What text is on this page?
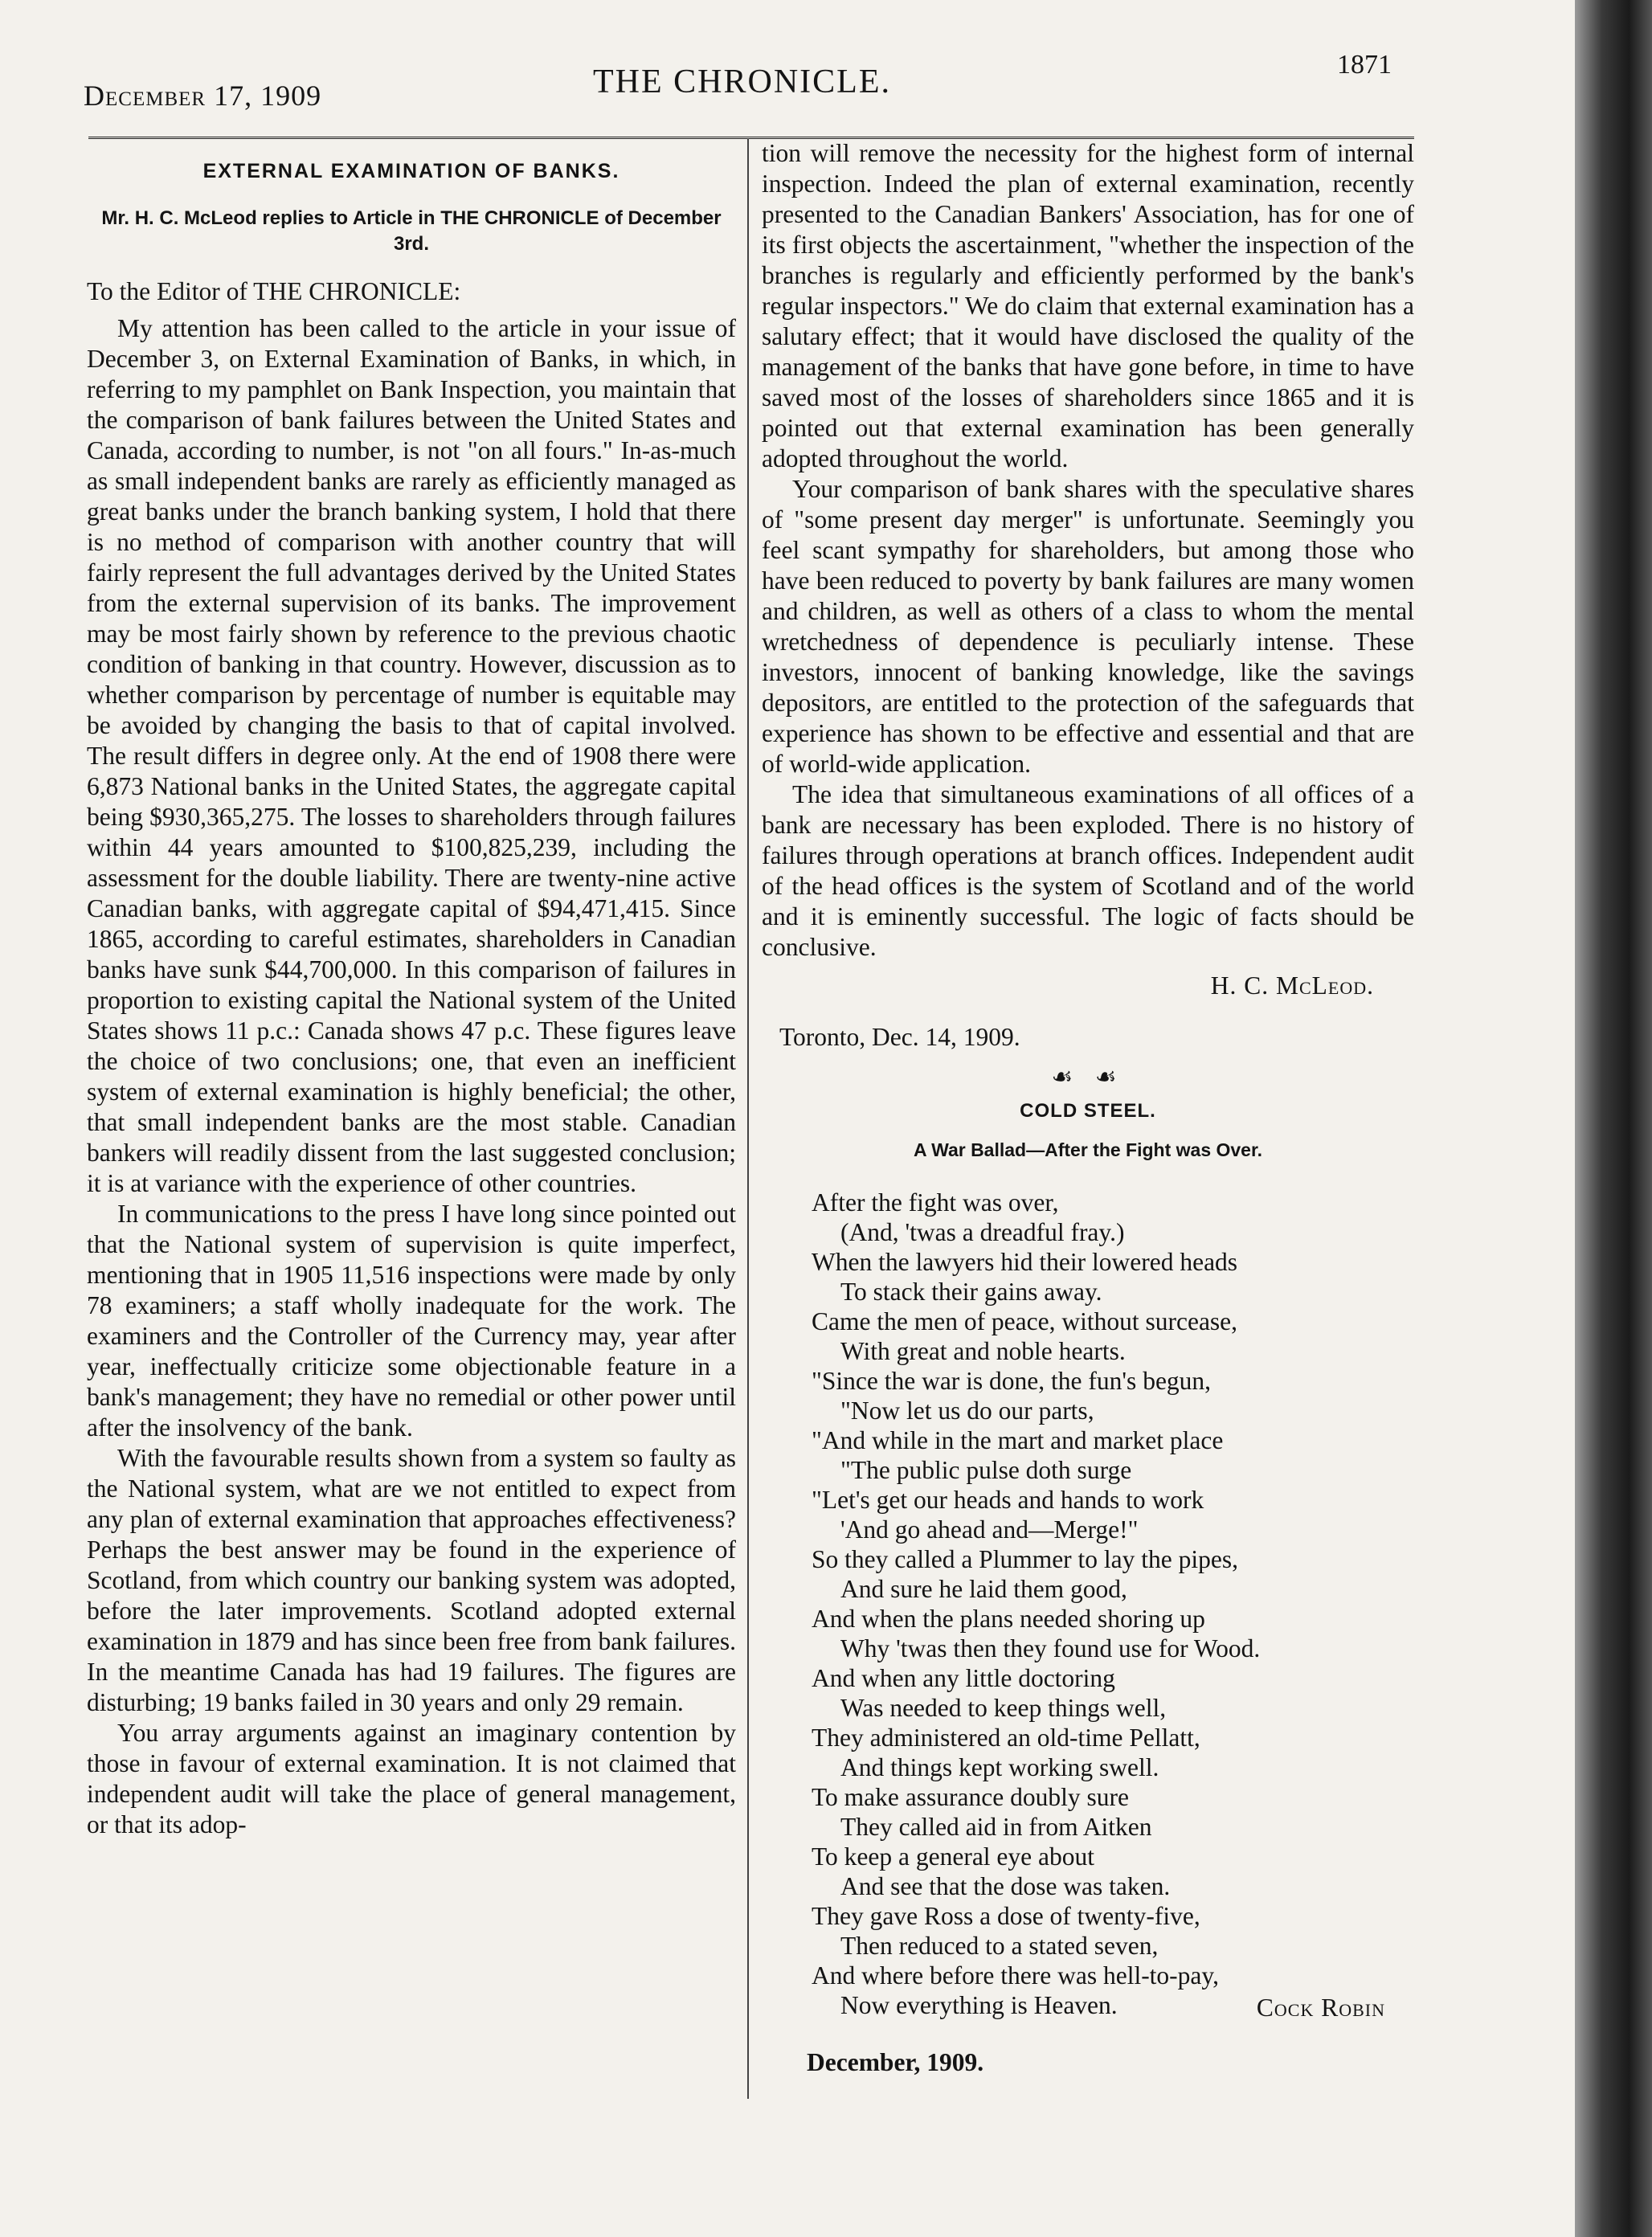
December 17, 1909	THE CHRONICLE.	1871

EXTERNAL EXAMINATION OF BANKS.

Mr. H. C. McLeod replies to Article in THE CHRONICLE of December 3rd.

To the Editor of THE CHRONICLE:

My attention has been called to the article in your issue of December 3, on External Examination of Banks, in which, in referring to my pamphlet on Bank Inspection, you maintain that the comparison of bank failures between the United States and Canada, according to number, is not "on all fours." In-as-much as small independent banks are rarely as efficiently managed as great banks under the branch banking system, I hold that there is no method of comparison with another country that will fairly represent the full advantages derived by the United States from the external supervision of its banks. The improvement may be most fairly shown by reference to the previous chaotic condition of banking in that country. However, discussion as to whether comparison by percentage of number is equitable may be avoided by changing the basis to that of capital involved. The result differs in degree only. At the end of 1908 there were 6,873 National banks in the United States, the aggregate capital being $930,365,275. The losses to shareholders through failures within 44 years amounted to $100,825,239, including the assessment for the double liability. There are twenty-nine active Canadian banks, with aggregate capital of $94,471,415. Since 1865, according to careful estimates, shareholders in Canadian banks have sunk $44,700,000. In this comparison of failures in proportion to existing capital the National system of the United States shows 11 p.c.: Canada shows 47 p.c. These figures leave the choice of two conclusions; one, that even an inefficient system of external examination is highly beneficial; the other, that small independent banks are the most stable. Canadian bankers will readily dissent from the last suggested conclusion; it is at variance with the experience of other countries.

In communications to the press I have long since pointed out that the National system of supervision is quite imperfect, mentioning that in 1905 11,516 inspections were made by only 78 examiners; a staff wholly inadequate for the work. The examiners and the Controller of the Currency may, year after year, ineffectually criticize some objectionable feature in a bank's management; they have no remedial or other power until after the insolvency of the bank.

With the favourable results shown from a system so faulty as the National system, what are we not entitled to expect from any plan of external examination that approaches effectiveness? Perhaps the best answer may be found in the experience of Scotland, from which country our banking system was adopted, before the later improvements. Scotland adopted external examination in 1879 and has since been free from bank failures. In the meantime Canada has had 19 failures. The figures are disturbing; 19 banks failed in 30 years and only 29 remain.

You array arguments against an imaginary contention by those in favour of external examination. It is not claimed that independent audit will take the place of general management, or that its adop-

tion will remove the necessity for the highest form of internal inspection. Indeed the plan of external examination, recently presented to the Canadian Bankers' Association, has for one of its first objects the ascertainment, "whether the inspection of the branches is regularly and efficiently performed by the bank's regular inspectors." We do claim that external examination has a salutary effect; that it would have disclosed the quality of the management of the banks that have gone before, in time to have saved most of the losses of shareholders since 1865 and it is pointed out that external examination has been generally adopted throughout the world.

Your comparison of bank shares with the speculative shares of "some present day merger" is unfortunate. Seemingly you feel scant sympathy for shareholders, but among those who have been reduced to poverty by bank failures are many women and children, as well as others of a class to whom the mental wretchedness of dependence is peculiarly intense. These investors, innocent of banking knowledge, like the savings depositors, are entitled to the protection of the safeguards that experience has shown to be effective and essential and that are of world-wide application.

The idea that simultaneous examinations of all offices of a bank are necessary has been exploded. There is no history of failures through operations at branch offices. Independent audit of the head offices is the system of Scotland and of the world and it is eminently successful. The logic of facts should be conclusive.

H. C. McLeod.

Toronto, Dec. 14, 1909.

☙ ☙

COLD STEEL.

A War Ballad—After the Fight was Over.

After the fight was over,
(And, 'twas a dreadful fray.)
When the lawyers hid their lowered heads
To stack their gains away.
Came the men of peace, without surcease,
With great and noble hearts.
"Since the war is done, the fun's begun,
"Now let us do our parts,
"And while in the mart and market place
"The public pulse doth surge
"Let's get our heads and hands to work
'And go ahead and—Merge!"
So they called a Plummer to lay the pipes,
And sure he laid them good,
And when the plans needed shoring up
Why 'twas then they found use for Wood.
And when any little doctoring
Was needed to keep things well,
They administered an old-time Pellatt,
And things kept working swell.
To make assurance doubly sure
They called aid in from Aitken
To keep a general eye about
And see that the dose was taken.
They gave Ross a dose of twenty-five,
Then reduced to a stated seven,
And where before there was hell-to-pay,
Now everything is Heaven.	Cock Robin

December, 1909.
